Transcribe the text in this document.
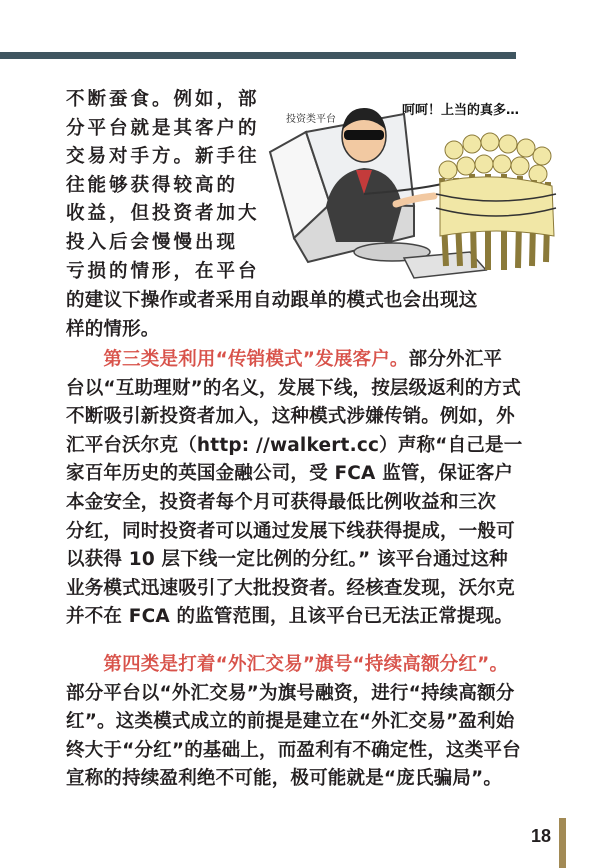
不断蚕食。例如，部
分平台就是其客户的
交易对手方。新手往
往能够获得较高的
收益，但投资者加大
投入后会慢慢出现
亏损的情形，在平台
投资类平台
呵呵！上当的真多…
的建议下操作或者采用自动跟单的模式也会出现这
样的情形。
　　第三类是利用“传销模式”发展客户。部分外汇平
台以“互助理财”的名义，发展下线，按层级返利的方式
不断吸引新投资者加入，这种模式涉嫌传销。例如，外
汇平台沃尔克（http: //walkert.cc）声称“自己是一
家百年历史的英国金融公司，受 FCA 监管，保证客户
本金安全，投资者每个月可获得最低比例收益和三次
分红，同时投资者可以通过发展下线获得提成，一般可
以获得 10 层下线一定比例的分红。” 该平台通过这种
业务模式迅速吸引了大批投资者。经核查发现，沃尔克
并不在 FCA 的监管范围，且该平台已无法正常提现。
　　第四类是打着“外汇交易”旗号“持续高额分红”。
部分平台以“外汇交易”为旗号融资，进行“持续高额分
红”。这类模式成立的前提是建立在“外汇交易”盈利始
终大于“分红”的基础上，而盈利有不确定性，这类平台
宣称的持续盈利绝不可能，极可能就是“庞氏骗局”。
18
